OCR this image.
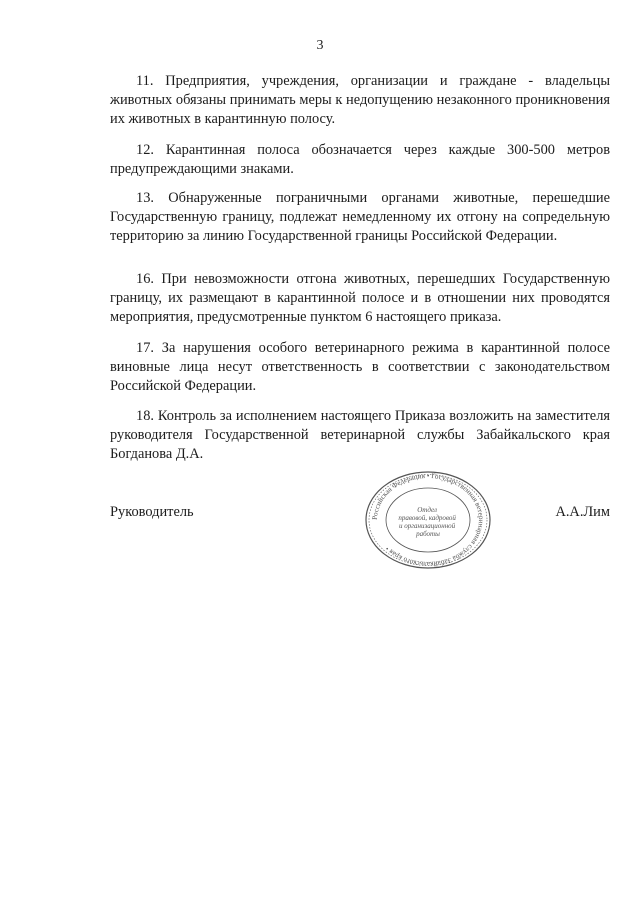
3

11. Предприятия, учреждения, организации и граждане - владельцы животных обязаны принимать меры к недопущению незаконного проникновения их животных в карантинную полосу.

12. Карантинная полоса обозначается через каждые 300-500 метров предупреждающими знаками.

13. Обнаруженные пограничными органами животные, перешедшие Государственную границу, подлежат немедленному их отгону на сопредельную территорию за линию Государственной границы Российской Федерации.

16. При невозможности отгона животных, перешедших Государственную границу, их размещают в карантинной полосе и в отношении них проводятся мероприятия, предусмотренные пунктом 6 настоящего приказа.

17. За нарушения особого ветеринарного режима в карантинной полосе виновные лица несут ответственность в соответствии с законодательством Российской Федерации.

18. Контроль за исполнением настоящего Приказа возложить на заместителя руководителя Государственной ветеринарной службы Забайкальского края Богданова Д.А.

Руководитель	А.А.Лим
Российская Федерация • Государственная ветеринарная служба Забайкальского края •
Отдел правовой, кадровой и организационной работы
